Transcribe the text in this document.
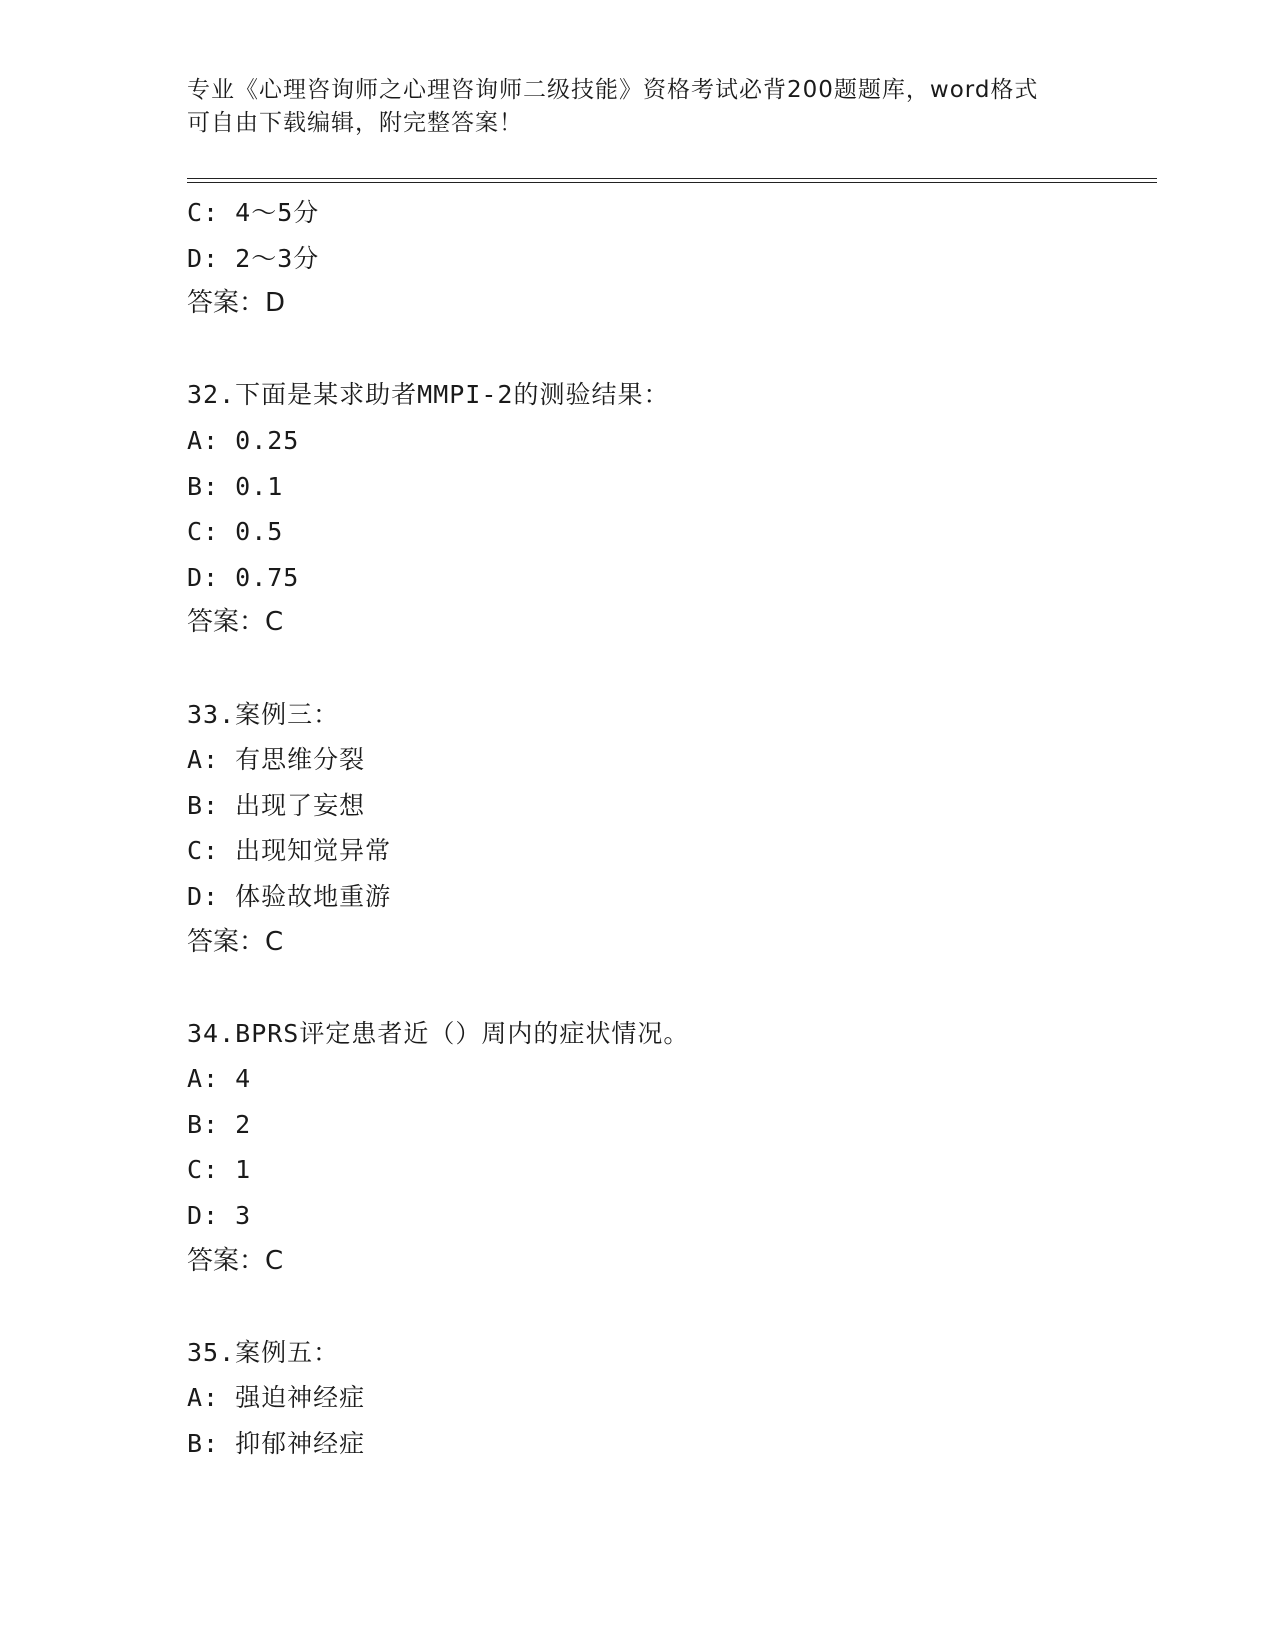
专业《心理咨询师之心理咨询师二级技能》资格考试必背200题题库，word格式
可自由下载编辑，附完整答案！
C: 4～5分
D: 2～3分
答案：D
32.下面是某求助者MMPI-2的测验结果：
A: 0.25
B: 0.1
C: 0.5
D: 0.75
答案：C
33.案例三：
A: 有思维分裂
B: 出现了妄想
C: 出现知觉异常
D: 体验故地重游
答案：C
34.BPRS评定患者近（）周内的症状情况。
A: 4
B: 2
C: 1
D: 3
答案：C
35.案例五：
A: 强迫神经症
B: 抑郁神经症
